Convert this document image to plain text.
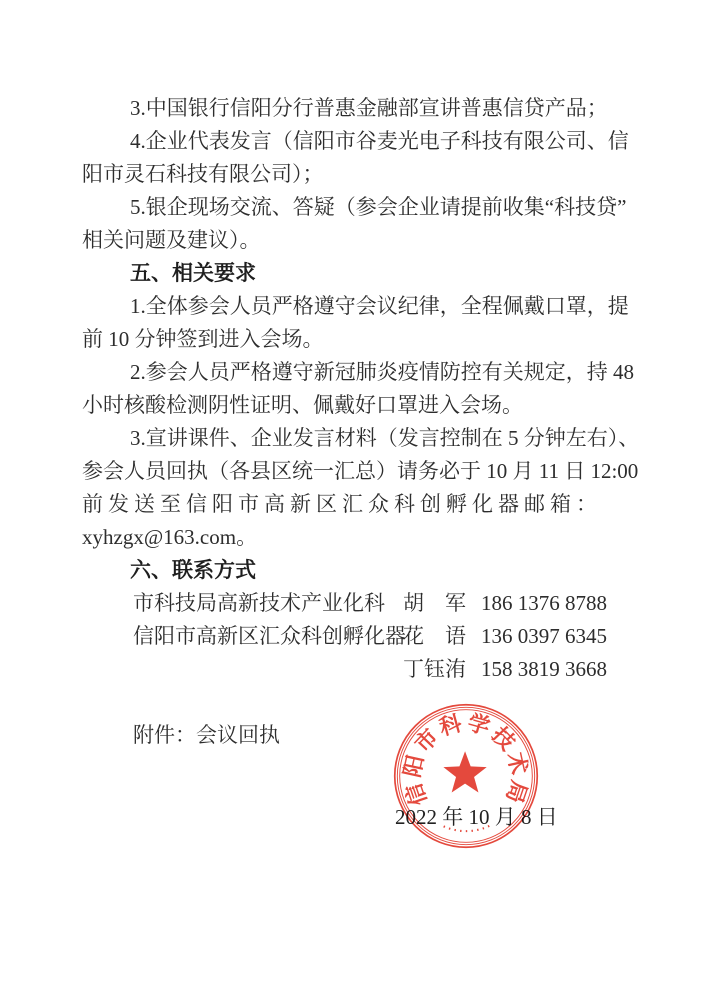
3.中国银行信阳分行普惠金融部宣讲普惠信贷产品；
4.企业代表发言（信阳市谷麦光电子科技有限公司、信
阳市灵石科技有限公司）；
5.银企现场交流、答疑（参会企业请提前收集“科技贷”
相关问题及建议）。
五、相关要求
1.全体参会人员严格遵守会议纪律，全程佩戴口罩，提
前 10 分钟签到进入会场。
2.参会人员严格遵守新冠肺炎疫情防控有关规定，持 48
小时核酸检测阴性证明、佩戴好口罩进入会场。
3.宣讲课件、企业发言材料（发言控制在 5 分钟左右）、
参会人员回执（各县区统一汇总）请务必于 10 月 11 日 12:00
前发送至信阳市高新区汇众科创孵化器邮箱：
xyhzgx@163.com。
六、联系方式
市科技局高新技术产业化科 胡　军 186 1376 8788
信阳市高新区汇众科创孵化器
花　语 136 0397 6345
丁钰洧 158 3819 3668
附件：会议回执
2022 年 10 月 8 日
信阳市科学技术局
